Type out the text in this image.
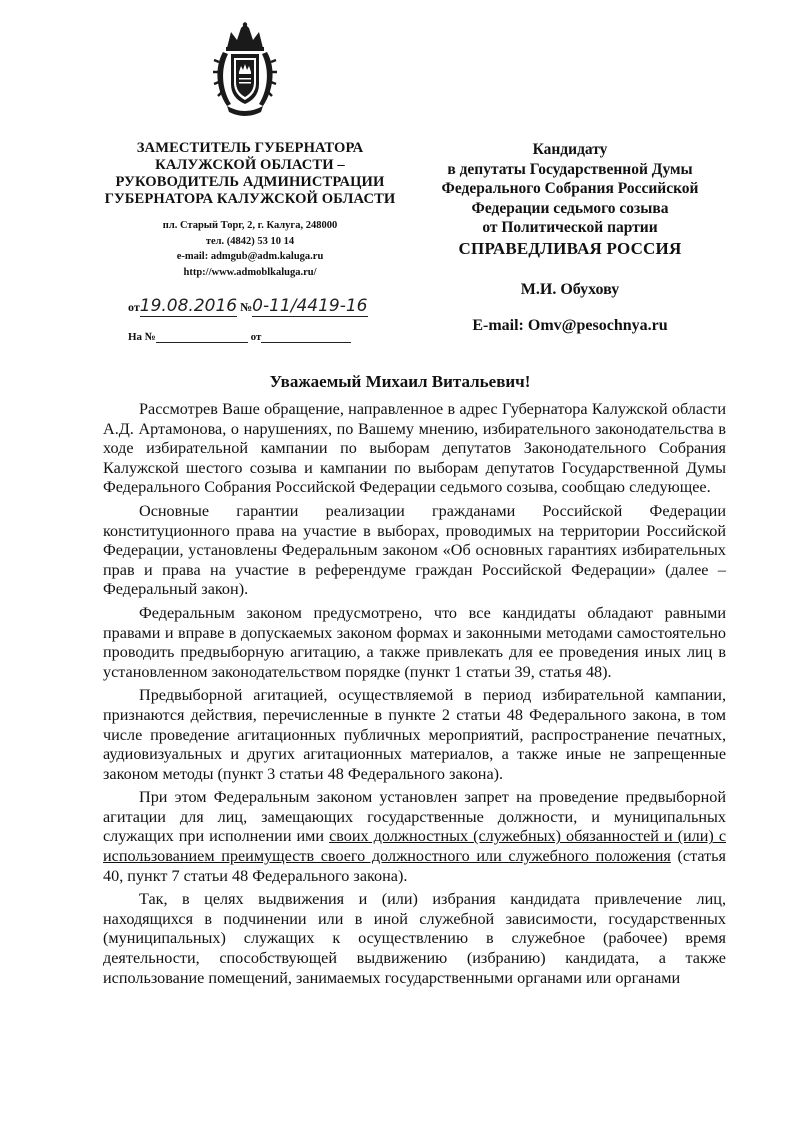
ЗАМЕСТИТЕЛЬ ГУБЕРНАТОРА
КАЛУЖСКОЙ ОБЛАСТИ –
РУКОВОДИТЕЛЬ АДМИНИСТРАЦИИ
ГУБЕРНАТОРА КАЛУЖСКОЙ ОБЛАСТИ
пл. Старый Торг, 2, г. Калуга, 248000
тел. (4842) 53 10 14
e-mail: admgub@adm.kaluga.ru
http://www.admoblkaluga.ru/
от19.08.2016 №0-11/4419-16
На №	от
Кандидату
в депутаты Государственной Думы
Федерального Собрания Российской
Федерации седьмого созыва
от Политической партии
СПРАВЕДЛИВАЯ РОССИЯ
М.И. Обухову
E-mail: Omv@pesochnya.ru
Уважаемый Михаил Витальевич!

Рассмотрев Ваше обращение, направленное в адрес Губернатора Калужской области А.Д. Артамонова, о нарушениях, по Вашему мнению, избирательного законодательства в ходе избирательной кампании по выборам депутатов Законодательного Собрания Калужской шестого созыва и кампании по выборам депутатов Государственной Думы Федерального Собрания Российской Федерации седьмого созыва, сообщаю следующее.

Основные гарантии реализации гражданами Российской Федерации конституционного права на участие в выборах, проводимых на территории Российской Федерации, установлены Федеральным законом «Об основных гарантиях избирательных прав и права на участие в референдуме граждан Российской Федерации» (далее – Федеральный закон).

Федеральным законом предусмотрено, что все кандидаты обладают равными правами и вправе в допускаемых законом формах и законными методами самостоятельно проводить предвыборную агитацию, а также привлекать для ее проведения иных лиц в установленном законодательством порядке (пункт 1 статьи 39, статья 48).

Предвыборной агитацией, осуществляемой в период избирательной кампании, признаются действия, перечисленные в пункте 2 статьи 48 Федерального закона, в том числе проведение агитационных публичных мероприятий, распространение печатных, аудиовизуальных и других агитационных материалов, а также иные не запрещенные законом методы (пункт 3 статьи 48 Федерального закона).

При этом Федеральным законом установлен запрет на проведение предвыборной агитации для лиц, замещающих государственные должности, и муниципальных служащих при исполнении ими своих должностных (служебных) обязанностей и (или) с использованием преимуществ своего должностного или служебного положения (статья 40, пункт 7 статьи 48 Федерального закона).

Так, в целях выдвижения и (или) избрания кандидата привлечение лиц, находящихся в подчинении или в иной служебной зависимости, государственных (муниципальных) служащих к осуществлению в служебное (рабочее) время деятельности, способствующей выдвижению (избранию) кандидата, а также использование помещений, занимаемых государственными органами или органами
